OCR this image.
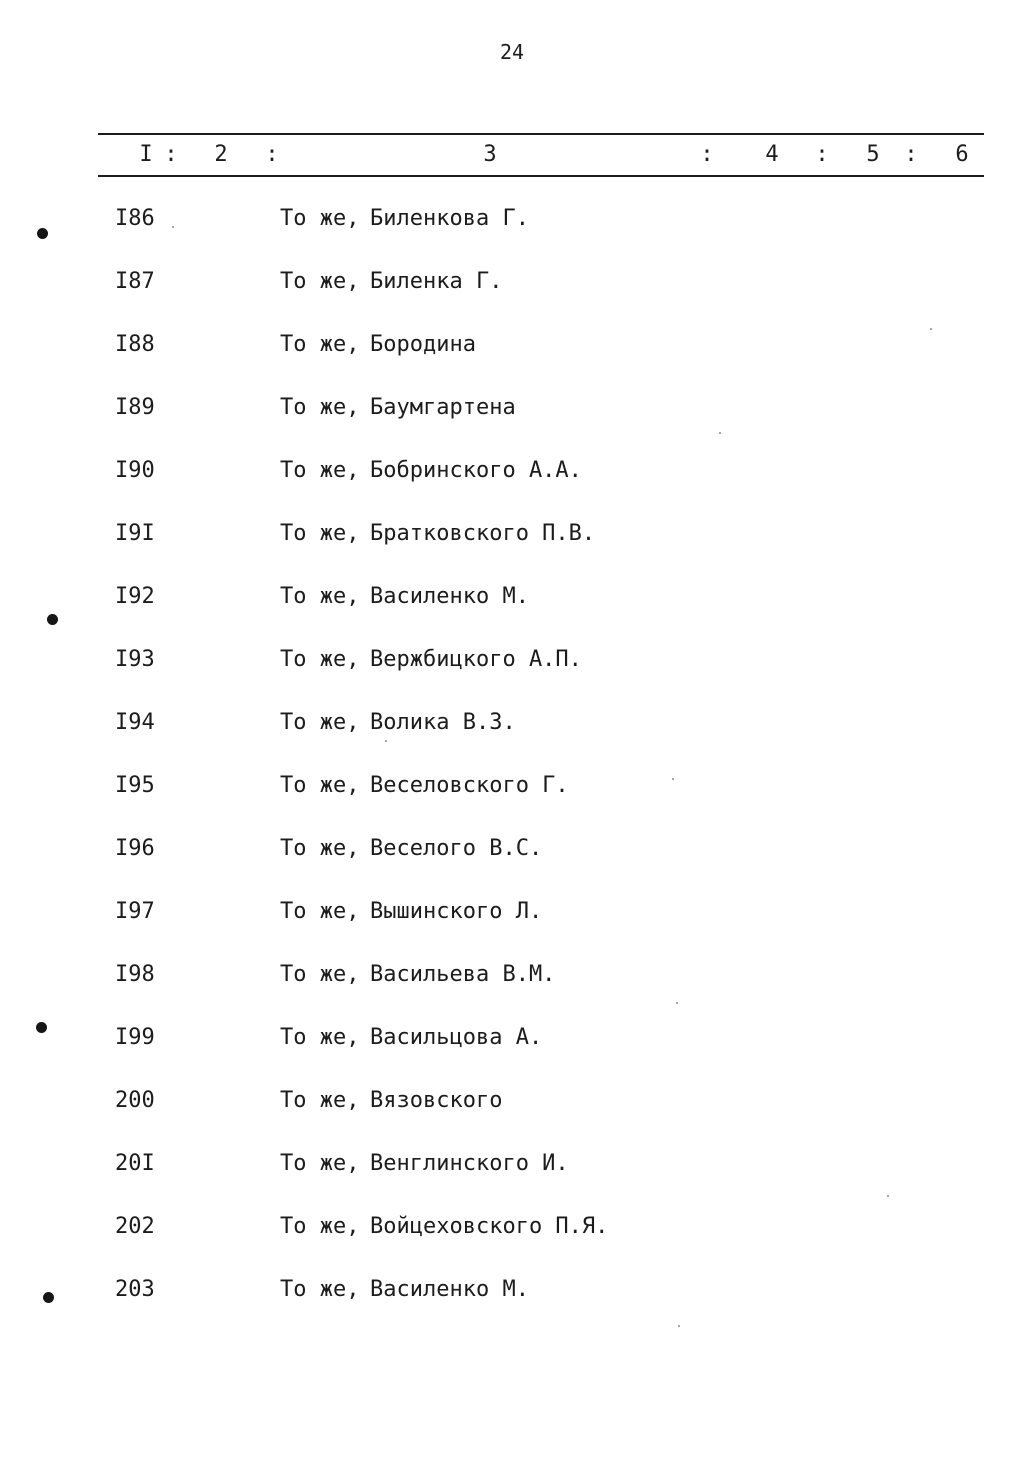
24
I : 2 :	3	: 4 : 5 : 6
I86	То же, Биленкова Г.
I87	То же, Биленка Г.
I88	То же, Бородина
I89	То же, Баумгартена
I90	То же, Бобринского А.А.
I9I	То же, Братковского П.В.
I92	То же, Василенко М.
I93	То же, Вержбицкого А.П.
I94	То же, Волика В.З.
I95	То же, Веселовского Г.
I96	То же, Веселого В.С.
I97	То же, Вышинского Л.
I98	То же, Васильева В.М.
I99	То же, Васильцова А.
200	То же, Вязовского
20I	То же, Венглинского И.
202	То же, Войцеховского П.Я.
203	То же, Василенко М.
